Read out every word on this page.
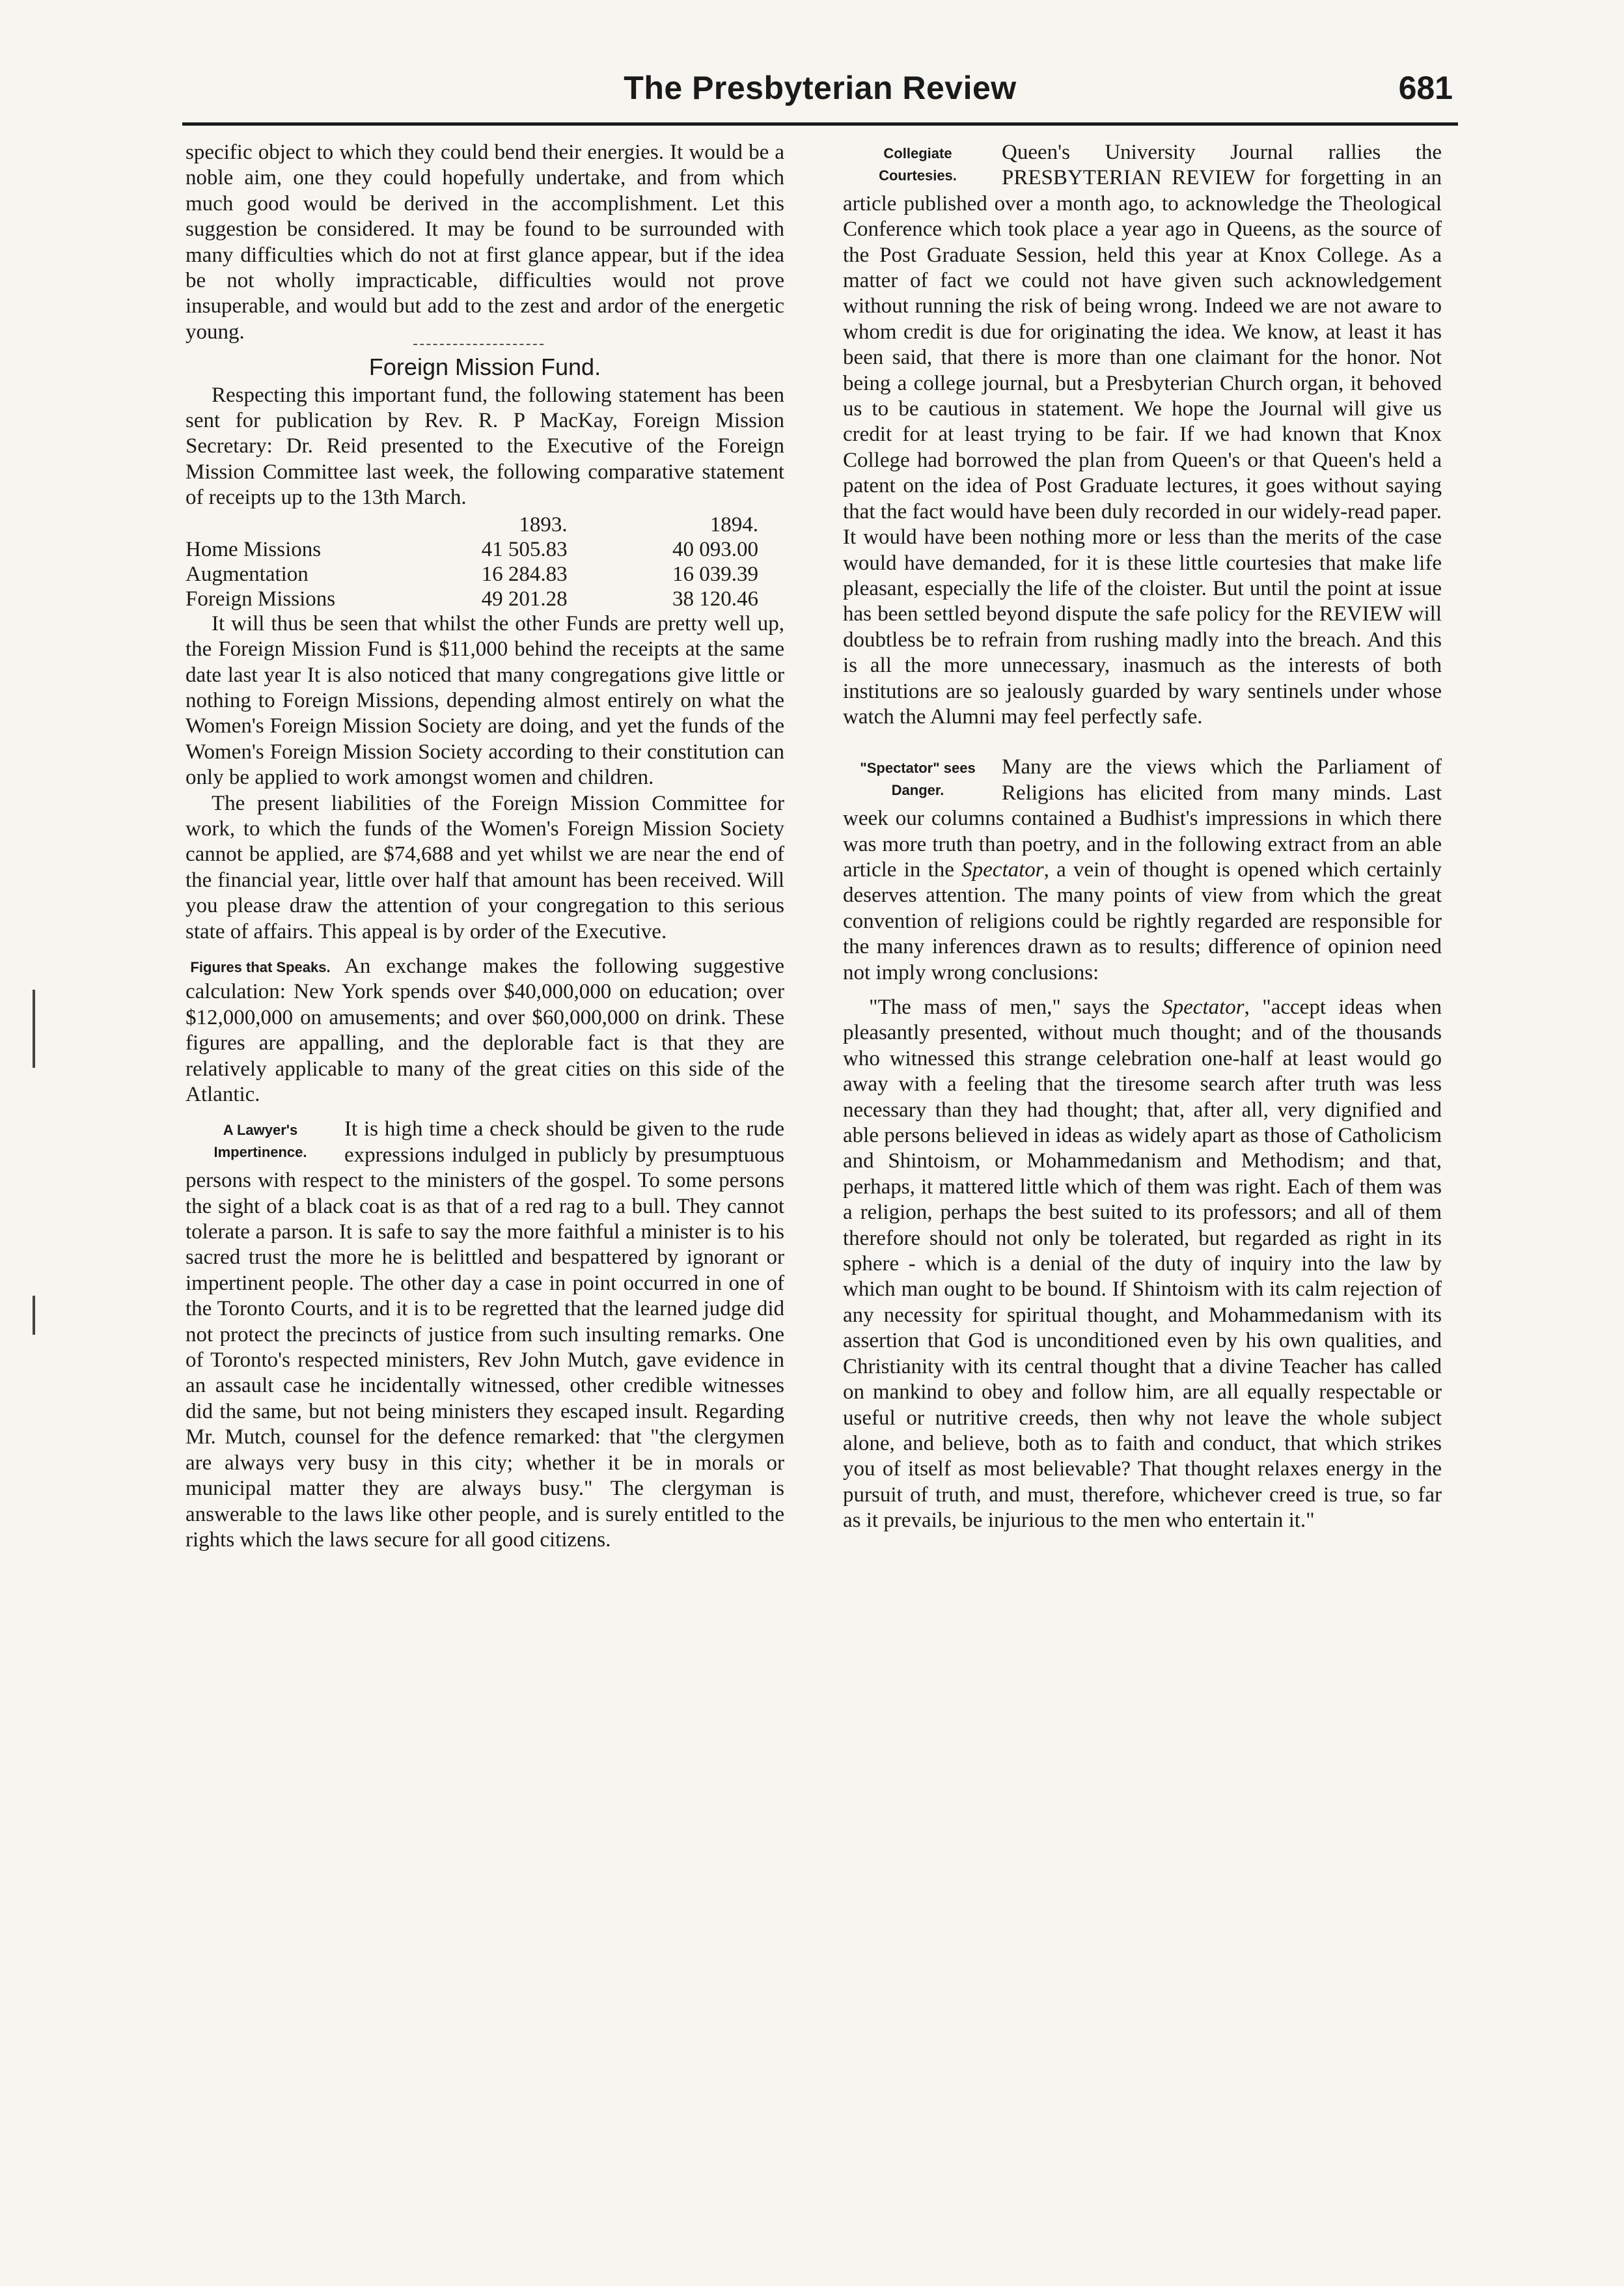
The Presbyterian Review	681

specific object to which they could bend their energies. It would be a noble aim, one they could hopefully undertake, and from which much good would be derived in the accomplishment. Let this suggestion be considered. It may be found to be surrounded with many difficulties which do not at first glance appear, but if the idea be not wholly impracticable, difficulties would not prove insuperable, and would but add to the zest and ardor of the energetic young.

Foreign Mission Fund.

Respecting this important fund, the following statement has been sent for publication by Rev. R. P MacKay, Foreign Mission Secretary: Dr. Reid presented to the Executive of the Foreign Mission Committee last week, the following comparative statement of receipts up to the 13th March.

	1893.	1894.
Home Missions	41 505.83	40 093.00
Augmentation	16 284.83	16 039.39
Foreign Missions	49 201.28	38 120.46

It will thus be seen that whilst the other Funds are pretty well up, the Foreign Mission Fund is $11,000 behind the receipts at the same date last year It is also noticed that many congregations give little or nothing to Foreign Missions, depending almost entirely on what the Women's Foreign Mission Society are doing, and yet the funds of the Women's Foreign Mission Society according to their constitution can only be applied to work amongst women and children.

The present liabilities of the Foreign Mission Committee for work, to which the funds of the Women's Foreign Mission Society cannot be applied, are $74,688 and yet whilst we are near the end of the financial year, little over half that amount has been received. Will you please draw the attention of your congregation to this serious state of affairs. This appeal is by order of the Executive.

Figures that Speaks. An exchange makes the following suggestive calculation: New York spends over $40,000,000 on education; over $12,000,000 on amusements; and over $60,000,000 on drink. These figures are appalling, and the deplorable fact is that they are relatively applicable to many of the great cities on this side of the Atlantic.

A Lawyer's Impertinence.

It is high time a check should be given to the rude expressions indulged in publicly by presumptuous persons with respect to the ministers of the gospel. To some persons the sight of a black coat is as that of a red rag to a bull. They cannot tolerate a parson. It is safe to say the more faithful a minister is to his sacred trust the more he is belittled and bespattered by ignorant or impertinent people. The other day a case in point occurred in one of the Toronto Courts, and it is to be regretted that the learned judge did not protect the precincts of justice from such insulting remarks. One of Toronto's respected ministers, Rev John Mutch, gave evidence in an assault case he incidentally witnessed, other credible witnesses did the same, but not being ministers they escaped insult. Regarding Mr. Mutch, counsel for the defence remarked: that "the clergymen are always very busy in this city; whether it be in morals or municipal matter they are always busy." The clergyman is answerable to the laws like other people, and is surely entitled to the rights which the laws secure for all good citizens.

Collegiate Courtesies.

Queen's University Journal rallies the PRESBYTERIAN REVIEW for forgetting in an article published over a month ago, to acknowledge the Theological Conference which took place a year ago in Queens, as the source of the Post Graduate Session, held this year at Knox College. As a matter of fact we could not have given such acknowledgement without running the risk of being wrong. Indeed we are not aware to whom credit is due for originating the idea. We know, at least it has been said, that there is more than one claimant for the honor. Not being a college journal, but a Presbyterian Church organ, it behoved us to be cautious in statement. We hope the Journal will give us credit for at least trying to be fair. If we had known that Knox College had borrowed the plan from Queen's or that Queen's held a patent on the idea of Post Graduate lectures, it goes without saying that the fact would have been duly recorded in our widely-read paper. It would have been nothing more or less than the merits of the case would have demanded, for it is these little courtesies that make life pleasant, especially the life of the cloister. But until the point at issue has been settled beyond dispute the safe policy for the REVIEW will doubtless be to refrain from rushing madly into the breach. And this is all the more unnecessary, inasmuch as the interests of both institutions are so jealously guarded by wary sentinels under whose watch the Alumni may feel perfectly safe.

"Spectator" sees Danger.

Many are the views which the Parliament of Religions has elicited from many minds. Last week our columns contained a Budhist's impressions in which there was more truth than poetry, and in the following extract from an able article in the Spectator, a vein of thought is opened which certainly deserves attention. The many points of view from which the great convention of religions could be rightly regarded are responsible for the many inferences drawn as to results; difference of opinion need not imply wrong conclusions:

"The mass of men," says the Spectator, "accept ideas when pleasantly presented, without much thought; and of the thousands who witnessed this strange celebration one-half at least would go away with a feeling that the tiresome search after truth was less necessary than they had thought; that, after all, very dignified and able persons believed in ideas as widely apart as those of Catholicism and Shintoism, or Mohammedanism and Methodism; and that, perhaps, it mattered little which of them was right. Each of them was a religion, perhaps the best suited to its professors; and all of them therefore should not only be tolerated, but regarded as right in its sphere - which is a denial of the duty of inquiry into the law by which man ought to be bound. If Shintoism with its calm rejection of any necessity for spiritual thought, and Mohammedanism with its assertion that God is unconditioned even by his own qualities, and Christianity with its central thought that a divine Teacher has called on mankind to obey and follow him, are all equally respectable or useful or nutritive creeds, then why not leave the whole subject alone, and believe, both as to faith and conduct, that which strikes you of itself as most believable? That thought relaxes energy in the pursuit of truth, and must, therefore, whichever creed is true, so far as it prevails, be injurious to the men who entertain it."
